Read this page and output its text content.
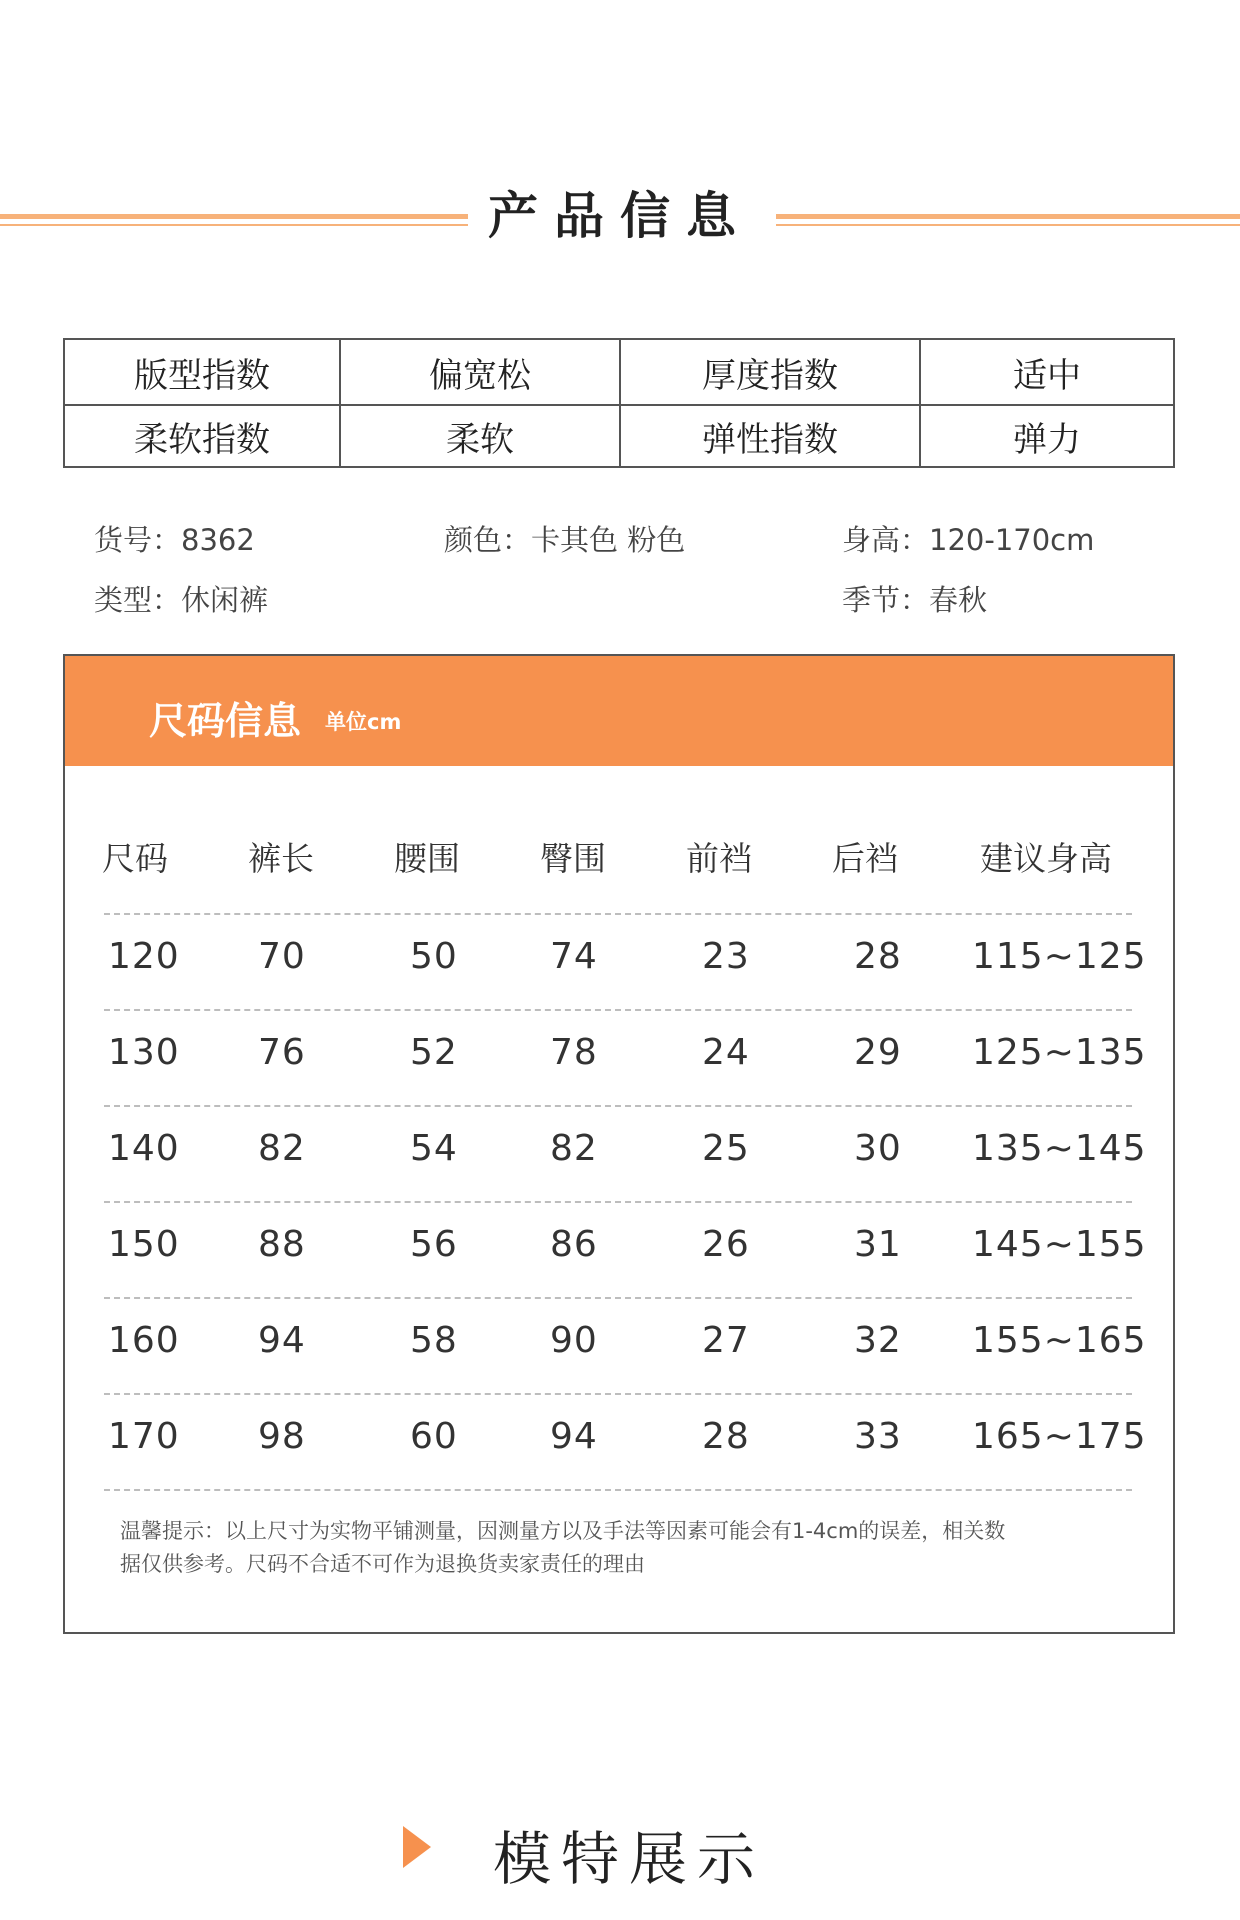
产品信息
版型指数	偏宽松	厚度指数	适中
柔软指数	柔软	弹性指数	弹力
货号：8362	颜色：卡其色 粉色	身高：120-170cm
类型：休闲裤	季节：春秋
尺码信息 单位cm
尺码 裤长 腰围 臀围 前裆 后裆 建议身高
120 70	50	74	23	28 115~125
130 76	52	78	24	29 125~135
140 82	54	82	25	30 135~145
150 88	56	86	26	31 145~155
160 94	58	90	27	32 155~165
170 98	60	94	28	33 165~175
温馨提示：以上尺寸为实物平铺测量，因测量方以及手法等因素可能会有1-4cm的误差，相关数
据仅供参考。尺码不合适不可作为退换货卖家责任的理由
模特展示
